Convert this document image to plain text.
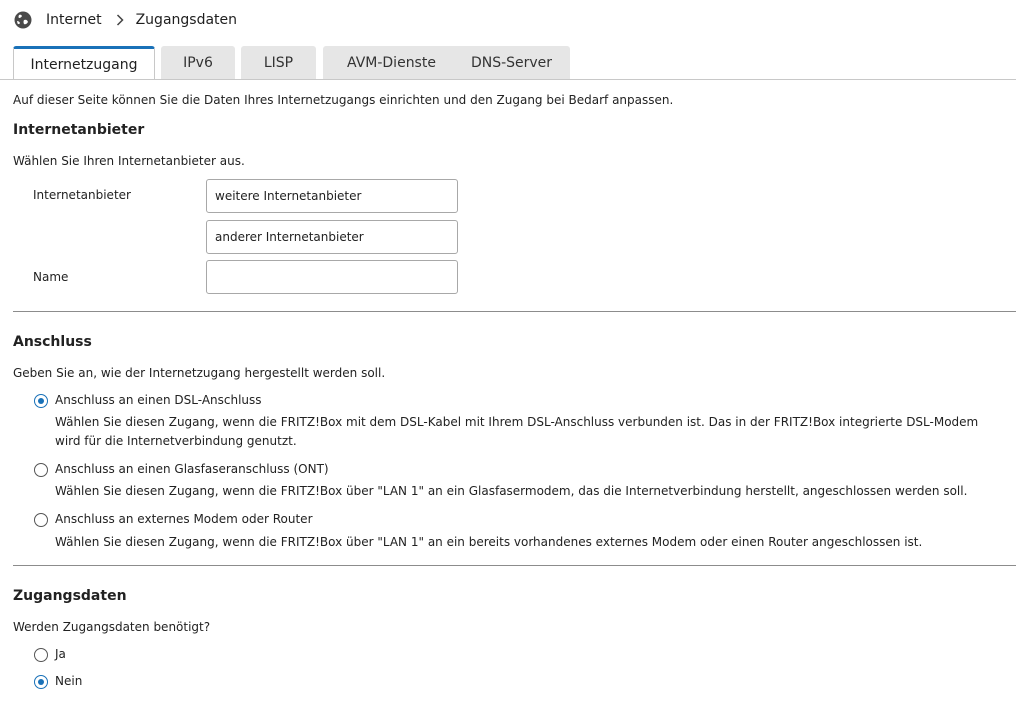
Internet Zugangsdaten
Internetzugang	IPv6	LISP	AVM-Dienste	DNS-Server
Auf dieser Seite können Sie die Daten Ihres Internetzugangs einrichten und den Zugang bei Bedarf anpassen.
Internetanbieter
Wählen Sie Ihren Internetanbieter aus.
Internetanbieter	weitere Internetanbieter
anderer Internetanbieter
Name
Anschluss
Geben Sie an, wie der Internetzugang hergestellt werden soll.
Anschluss an einen DSL-Anschluss
Wählen Sie diesen Zugang, wenn die FRITZ!Box mit dem DSL-Kabel mit Ihrem DSL-Anschluss verbunden ist. Das in der FRITZ!Box integrierte DSL-Modem wird für die Internetverbindung genutzt.
Anschluss an einen Glasfaseranschluss (ONT)
Wählen Sie diesen Zugang, wenn die FRITZ!Box über "LAN 1" an ein Glasfasermodem, das die Internetverbindung herstellt, angeschlossen werden soll.
Anschluss an externes Modem oder Router
Wählen Sie diesen Zugang, wenn die FRITZ!Box über "LAN 1" an ein bereits vorhandenes externes Modem oder einen Router angeschlossen ist.
Zugangsdaten
Werden Zugangsdaten benötigt?
Ja
Nein
